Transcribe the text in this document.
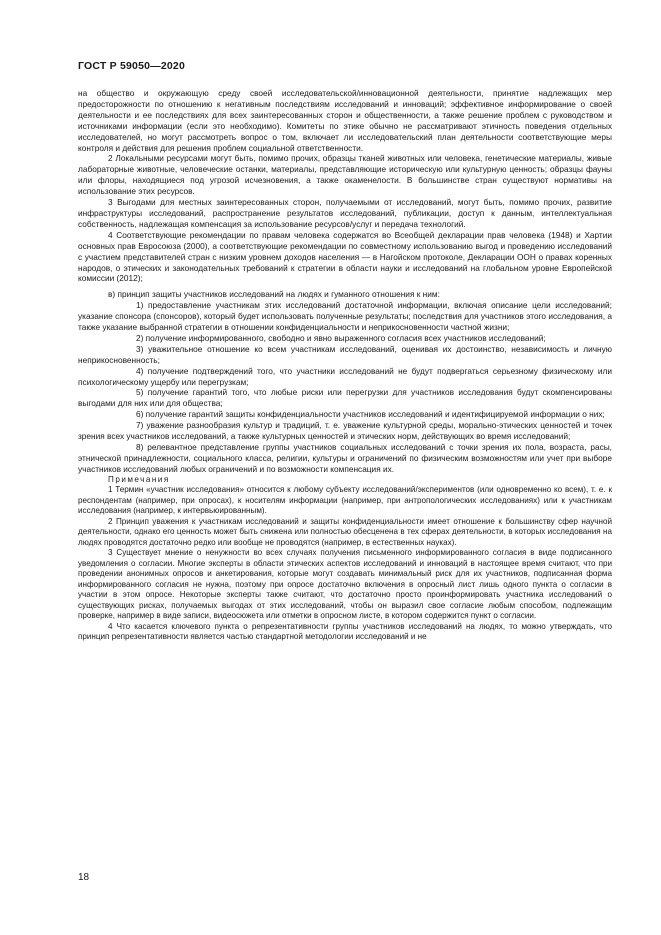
ГОСТ Р 59050—2020

на общество и окружающую среду своей исследовательской/инновационной деятельности, принятие надлежащих мер предосторожности по отношению к негативным последствиям исследований и инноваций; эффективное информирование о своей деятельности и ее последствиях для всех заинтересованных сторон и общественности, а также решение проблем с руководством и источниками информации (если это необходимо). Комитеты по этике обычно не рассматривают этичность поведения отдельных исследователей, но могут рассмотреть вопрос о том, включает ли исследовательский план деятельности соответствующие меры контроля и действия для решения проблем социальной ответственности.

2 Локальными ресурсами могут быть, помимо прочих, образцы тканей животных или человека, генетические материалы, живые лабораторные животные, человеческие останки, материалы, представляющие историческую или культурную ценность; образцы фауны или флоры, находящиеся под угрозой исчезновения, а также окаменелости. В большинстве стран существуют нормативы на использование этих ресурсов.

3 Выгодами для местных заинтересованных сторон, получаемыми от исследований, могут быть, помимо прочих, развитие инфраструктуры исследований, распространение результатов исследований, публикации, доступ к данным, интеллектуальная собственность, надлежащая компенсация за использование ресурсов/услуг и передача технологий.

4 Соответствующие рекомендации по правам человека содержатся во Всеобщей декларации прав человека (1948) и Хартии основных прав Евросоюза (2000), а соответствующие рекомендации по совместному использованию выгод и проведению исследований с участием представителей стран с низким уровнем доходов населения — в Нагойском протоколе, Декларации ООН о правах коренных народов, о этических и законодательных требований к стратегии в области науки и исследований на глобальном уровне Европейской комиссии (2012);

в) принцип защиты участников исследований на людях и гуманного отношения к ним:

1) предоставление участникам этих исследований достаточной информации, включая описание цели исследований; указание спонсора (спонсоров), который будет использовать полученные результаты; последствия для участников этого исследования, а также указание выбранной стратегии в отношении конфиденциальности и неприкосновенности частной жизни;

2) получение информированного, свободно и явно выраженного согласия всех участников исследований;

3) уважительное отношение ко всем участникам исследований, оценивая их достоинство, независимость и личную неприкосновенность;

4) получение подтверждений того, что участники исследований не будут подвергаться серьезному физическому или психологическому ущербу или перегрузкам;

5) получение гарантий того, что любые риски или перегрузки для участников исследования будут скомпенсированы выгодами для них или для общества;

6) получение гарантий защиты конфиденциальности участников исследований и идентифицируемой информации о них;

7) уважение разнообразия культур и традиций, т. е. уважение культурной среды, морально-этических ценностей и точек зрения всех участников исследований, а также культурных ценностей и этических норм, действующих во время исследований;

8) релевантное представление группы участников социальных исследований с точки зрения их пола, возраста, расы, этнической принадлежности, социального класса, религии, культуры и ограничений по физическим возможностям или учет при выборе участников исследований любых ограничений и по возможности компенсация их.

Примечания

1 Термин «участник исследования» относится к любому субъекту исследований/экспериментов (или одновременно ко всем), т. е. к респондентам (например, при опросах), к носителям информации (например, при антропологических исследованиях) или к участникам исследования (например, к интервьюированным).

2 Принцип уважения к участникам исследований и защиты конфиденциальности имеет отношение к большинству сфер научной деятельности, однако его ценность может быть снижена или полностью обесценена в тех сферах деятельности, в которых исследования на людях проводятся достаточно редко или вообще не проводятся (например, в естественных науках).

3 Существует мнение о ненужности во всех случаях получения письменного информированного согласия в виде подписанного уведомления о согласии. Многие эксперты в области этических аспектов исследований и инноваций в настоящее время считают, что при проведении анонимных опросов и анкетирования, которые могут создавать минимальный риск для их участников, подписанная форма информированного согласия не нужна, поэтому при опросе достаточно включения в опросный лист лишь одного пункта о согласии в участии в этом опросе. Некоторые эксперты также считают, что достаточно просто проинформировать участника исследований о существующих рисках, получаемых выгодах от этих исследований, чтобы он выразил свое согласие любым способом, подлежащим проверке, например в виде записи, видеосюжета или отметки в опросном листе, в котором содержится пункт о согласии.

4 Что касается ключевого пункта о репрезентативности группы участников исследований на людях, то можно утверждать, что принцип репрезентативности является частью стандартной методологии исследований и не

18
